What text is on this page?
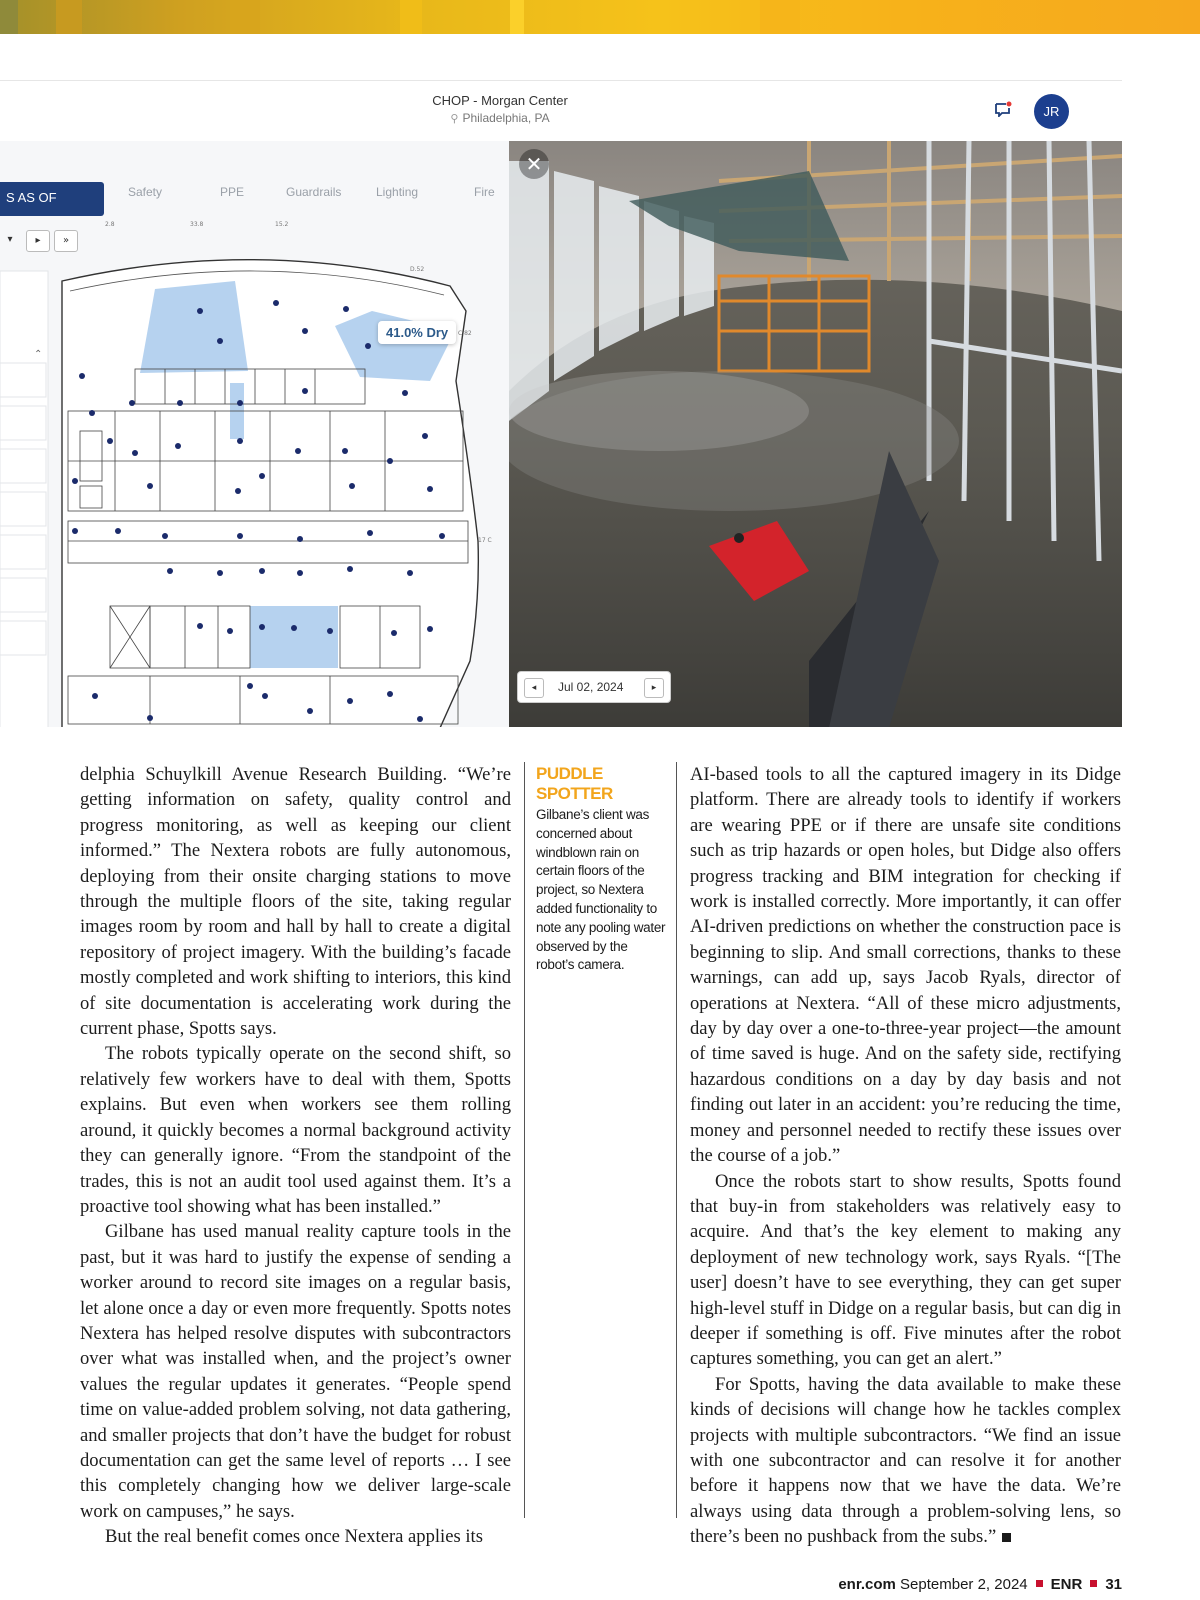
CHOP - Morgan Center
⚲ Philadelphia, PA	JR
⌃
2.8	33.8	15.2
D.52
C.82
17 C
S AS OF	Safety	PPE	Guardrails	Lighting	Fire
▾	▸	»
41.0% Dry
✕
◂	Jul 02, 2024	▸

delphia Schuylkill Avenue Research Building. “We’re getting information on safety, quality control and progress monitoring, as well as keeping our client informed.” The Nextera robots are fully autonomous, deploying from their onsite charging stations to move through the multiple floors of the site, taking regular images room by room and hall by hall to create a digital repository of project imagery. With the building’s facade mostly completed and work shifting to interiors, this kind of site documentation is accelerating work during the current phase, Spotts says.

The robots typically operate on the second shift, so relatively few workers have to deal with them, Spotts explains. But even when workers see them rolling around, it quickly becomes a normal background activity they can generally ignore. “From the standpoint of the trades, this is not an audit tool used against them. It’s a proactive tool showing what has been installed.”

Gilbane has used manual reality capture tools in the past, but it was hard to justify the expense of sending a worker around to record site images on a regular basis, let alone once a day or even more frequently. Spotts notes Nextera has helped resolve disputes with subcontractors over what was installed when, and the project’s owner values the regular updates it generates. “People spend time on value-added problem solving, not data gathering, and smaller projects that don’t have the budget for robust documentation can get the same level of reports … I see this completely changing how we deliver large-scale work on campuses,” he says.

But the real benefit comes once Nextera applies its

PUDDLE SPOTTER
Gilbane’s client was concerned about windblown rain on certain floors of the project, so Nextera added functionality to note any pooling water observed by the robot’s camera.

AI-based tools to all the captured imagery in its Didge platform. There are already tools to identify if workers are wearing PPE or if there are unsafe site conditions such as trip hazards or open holes, but Didge also offers progress tracking and BIM integration for checking if work is installed correctly. More importantly, it can offer AI-driven predictions on whether the construction pace is beginning to slip. And small corrections, thanks to these warnings, can add up, says Jacob Ryals, director of operations at Nextera. “All of these micro adjustments, day by day over a one-to-three-year project—the amount of time saved is huge. And on the safety side, rectifying hazardous conditions on a day by day basis and not finding out later in an accident: you’re reducing the time, money and personnel needed to rectify these issues over the course of a job.”

Once the robots start to show results, Spotts found that buy-in from stakeholders was relatively easy to acquire. And that’s the key element to making any deployment of new technology work, says Ryals. “[The user] doesn’t have to see everything, they can get super high-level stuff in Didge on a regular basis, but can dig in deeper if something is off. Five minutes after the robot captures something, you can get an alert.”

For Spotts, having the data available to make these kinds of decisions will change how he tackles complex projects with multiple subcontractors. “We find an issue with one subcontractor and can resolve it for another before it happens now that we have the data. We’re always using data through a problem-solving lens, so there’s been no pushback from the subs.”

enr.com September 2, 2024 ENR 31
